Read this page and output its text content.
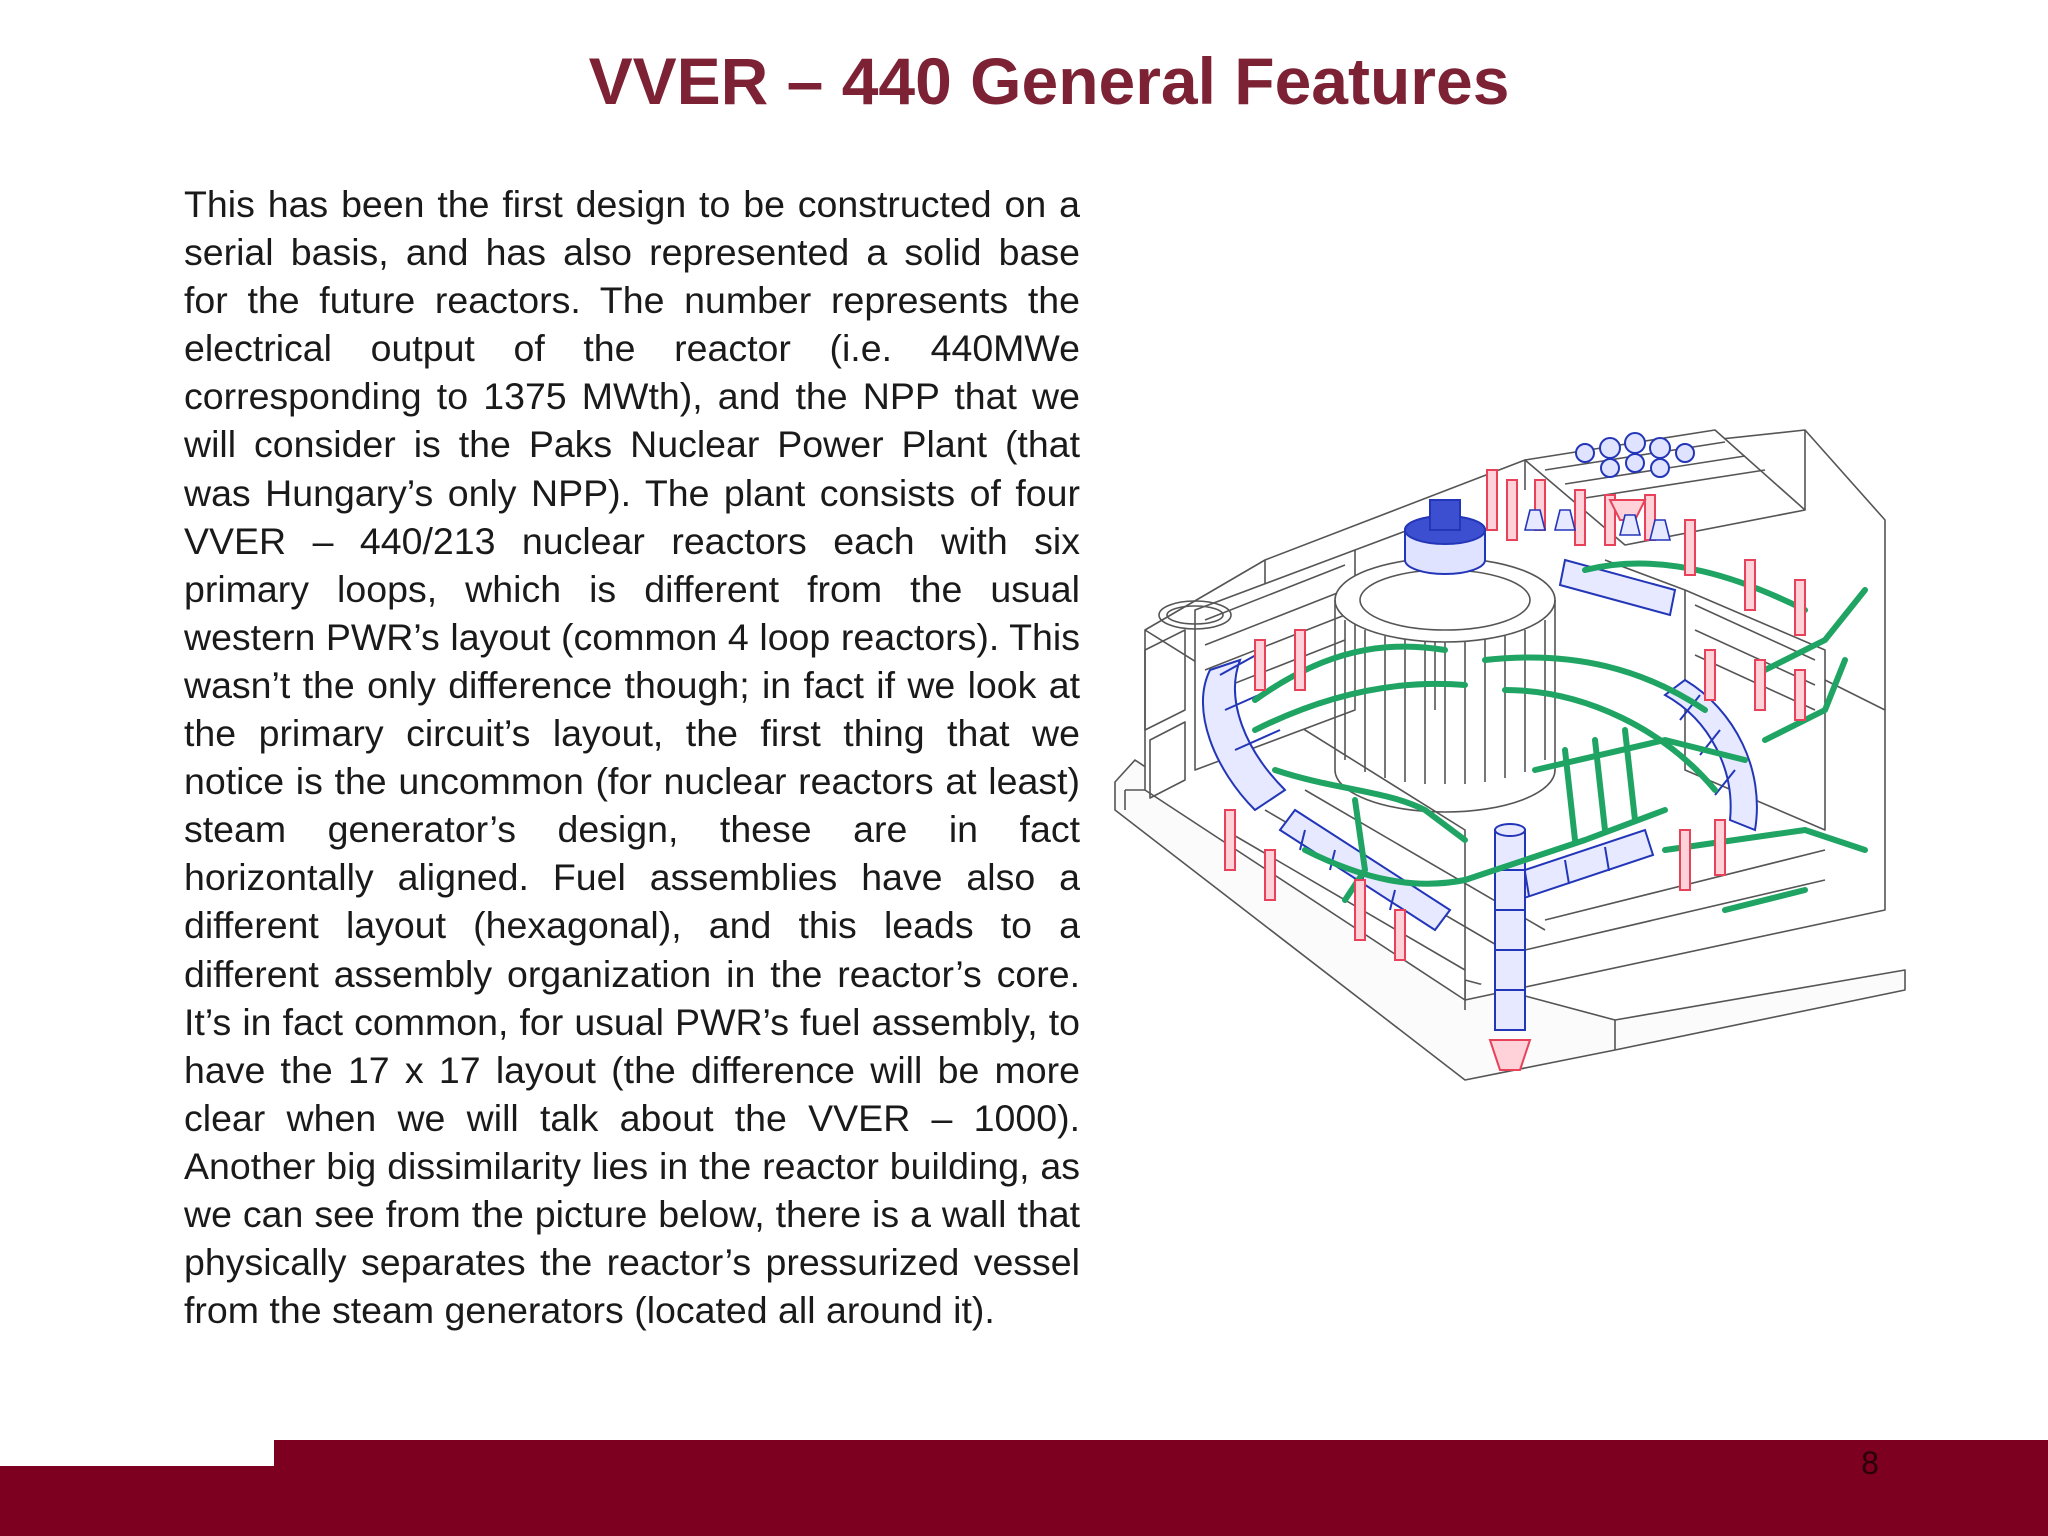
VVER – 440 General Features
This has been the first design to be constructed on a serial basis, and has also represented a solid base for the future reactors. The number represents the electrical output of the reactor (i.e. 440MWe corresponding to 1375 MWth), and the NPP that we will consider is the Paks Nuclear Power Plant (that was Hungary’s only NPP). The plant consists of four VVER – 440/213 nuclear reactors each with six primary loops, which is different from the usual western PWR’s layout (common 4 loop reactors). This wasn’t the only difference though; in fact if we look at the primary circuit’s layout, the first thing that we notice is the uncommon (for nuclear reactors at least) steam generator’s design, these are in fact horizontally aligned. Fuel assemblies have also a different layout (hexagonal), and this leads to a different assembly organization in the reactor’s core. It’s in fact common, for usual PWR’s fuel assembly, to have the 17 x 17 layout (the difference will be more clear when we will talk about the VVER – 1000). Another big dissimilarity lies in the reactor building, as we can see from the picture below, there is a wall that physically separates the reactor’s pressurized vessel from the steam generators (located all around it).
8
